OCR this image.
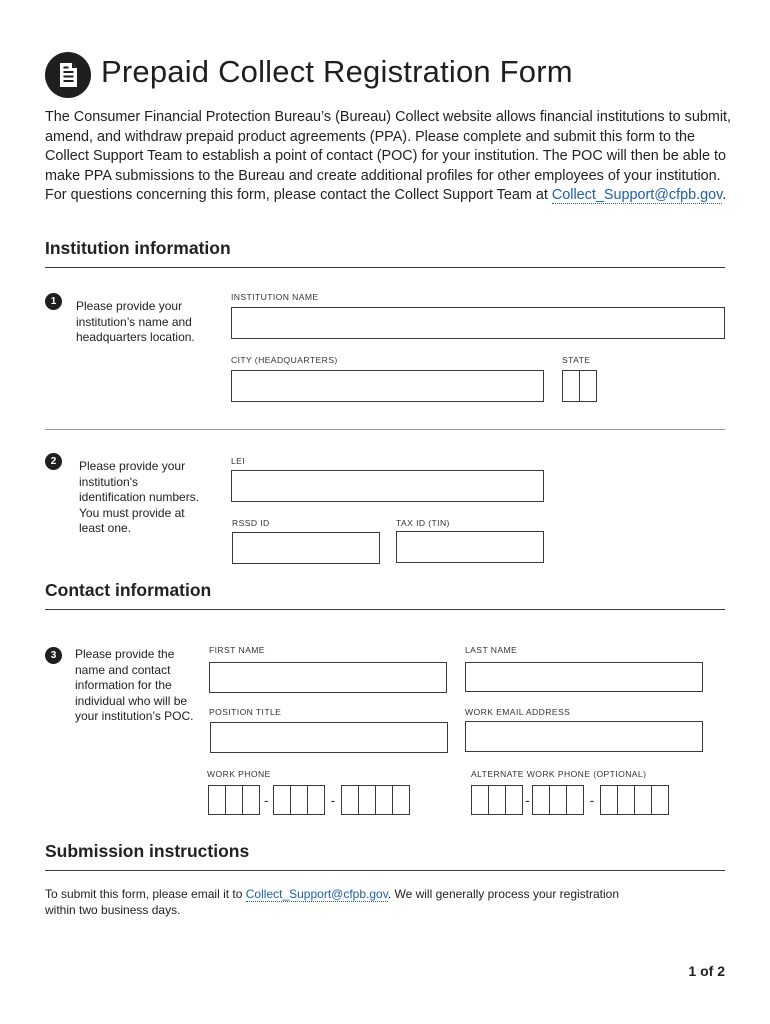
Prepaid Collect Registration Form
The Consumer Financial Protection Bureau’s (Bureau) Collect website allows financial institutions to submit, amend, and withdraw prepaid product agreements (PPA). Please complete and submit this form to the Collect Support Team to establish a point of contact (POC) for your institution. The POC will then be able to make PPA submissions to the Bureau and create additional profiles for other employees of your institution. For questions concerning this form, please contact the Collect Support Team at Collect_Support@cfpb.gov.
Institution information
1	Please provide your institution’s name and headquarters location.
INSTITUTION NAME
CITY (HEADQUARTERS)	STATE
2	Please provide your institution's identification numbers. You must provide at least one.
LEI
RSSD ID	TAX ID (TIN)
Contact information
3	Please provide the name and contact information for the individual who will be your institution’s POC.
FIRST NAME	LAST NAME
POSITION TITLE	WORK EMAIL ADDRESS
WORK PHONE
-	-
ALTERNATE WORK PHONE (OPTIONAL)
-	-
Submission instructions
To submit this form, please email it to Collect_Support@cfpb.gov. We will generally process your registration within two business days.
1 of 2
